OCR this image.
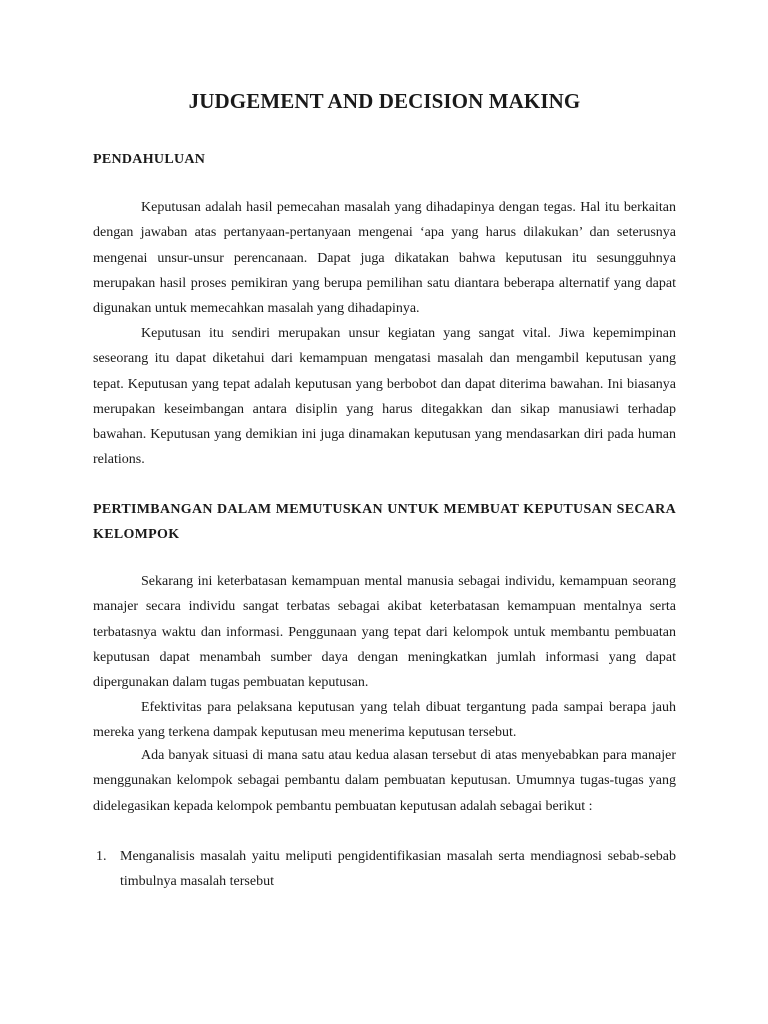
JUDGEMENT AND DECISION MAKING
PENDAHULUAN

Keputusan adalah hasil pemecahan masalah yang dihadapinya dengan tegas. Hal itu berkaitan dengan jawaban atas pertanyaan-pertanyaan mengenai ‘apa yang harus dilakukan’ dan seterusnya mengenai unsur-unsur perencanaan. Dapat juga dikatakan bahwa keputusan itu sesungguhnya merupakan hasil proses pemikiran yang berupa pemilihan satu diantara beberapa alternatif yang dapat digunakan untuk memecahkan masalah yang dihadapinya.

Keputusan itu sendiri merupakan unsur kegiatan yang sangat vital. Jiwa kepemimpinan seseorang itu dapat diketahui dari kemampuan mengatasi masalah dan mengambil keputusan yang tepat. Keputusan yang tepat adalah keputusan yang berbobot dan dapat diterima bawahan. Ini biasanya merupakan keseimbangan antara disiplin yang harus ditegakkan dan sikap manusiawi terhadap bawahan. Keputusan yang demikian ini juga dinamakan keputusan yang mendasarkan diri pada human relations.

PERTIMBANGAN DALAM MEMUTUSKAN UNTUK MEMBUAT KEPUTUSAN SECARA KELOMPOK

Sekarang ini keterbatasan kemampuan mental manusia sebagai individu, kemampuan seorang manajer secara individu sangat terbatas sebagai akibat keterbatasan kemampuan mentalnya serta terbatasnya waktu dan informasi. Penggunaan yang tepat dari kelompok untuk membantu pembuatan keputusan dapat menambah sumber daya dengan meningkatkan jumlah informasi yang dapat dipergunakan dalam tugas pembuatan keputusan.

Efektivitas para pelaksana keputusan yang telah dibuat tergantung pada sampai berapa jauh mereka yang terkena dampak keputusan meu menerima keputusan tersebut.

Ada banyak situasi di mana satu atau kedua alasan tersebut di atas menyebabkan para manajer menggunakan kelompok sebagai pembantu dalam pembuatan keputusan. Umumnya tugas-tugas yang didelegasikan kepada kelompok pembantu pembuatan keputusan adalah sebagai berikut :

1. Menganalisis masalah yaitu meliputi pengidentifikasian masalah serta mendiagnosi sebab-sebab timbulnya masalah tersebut
